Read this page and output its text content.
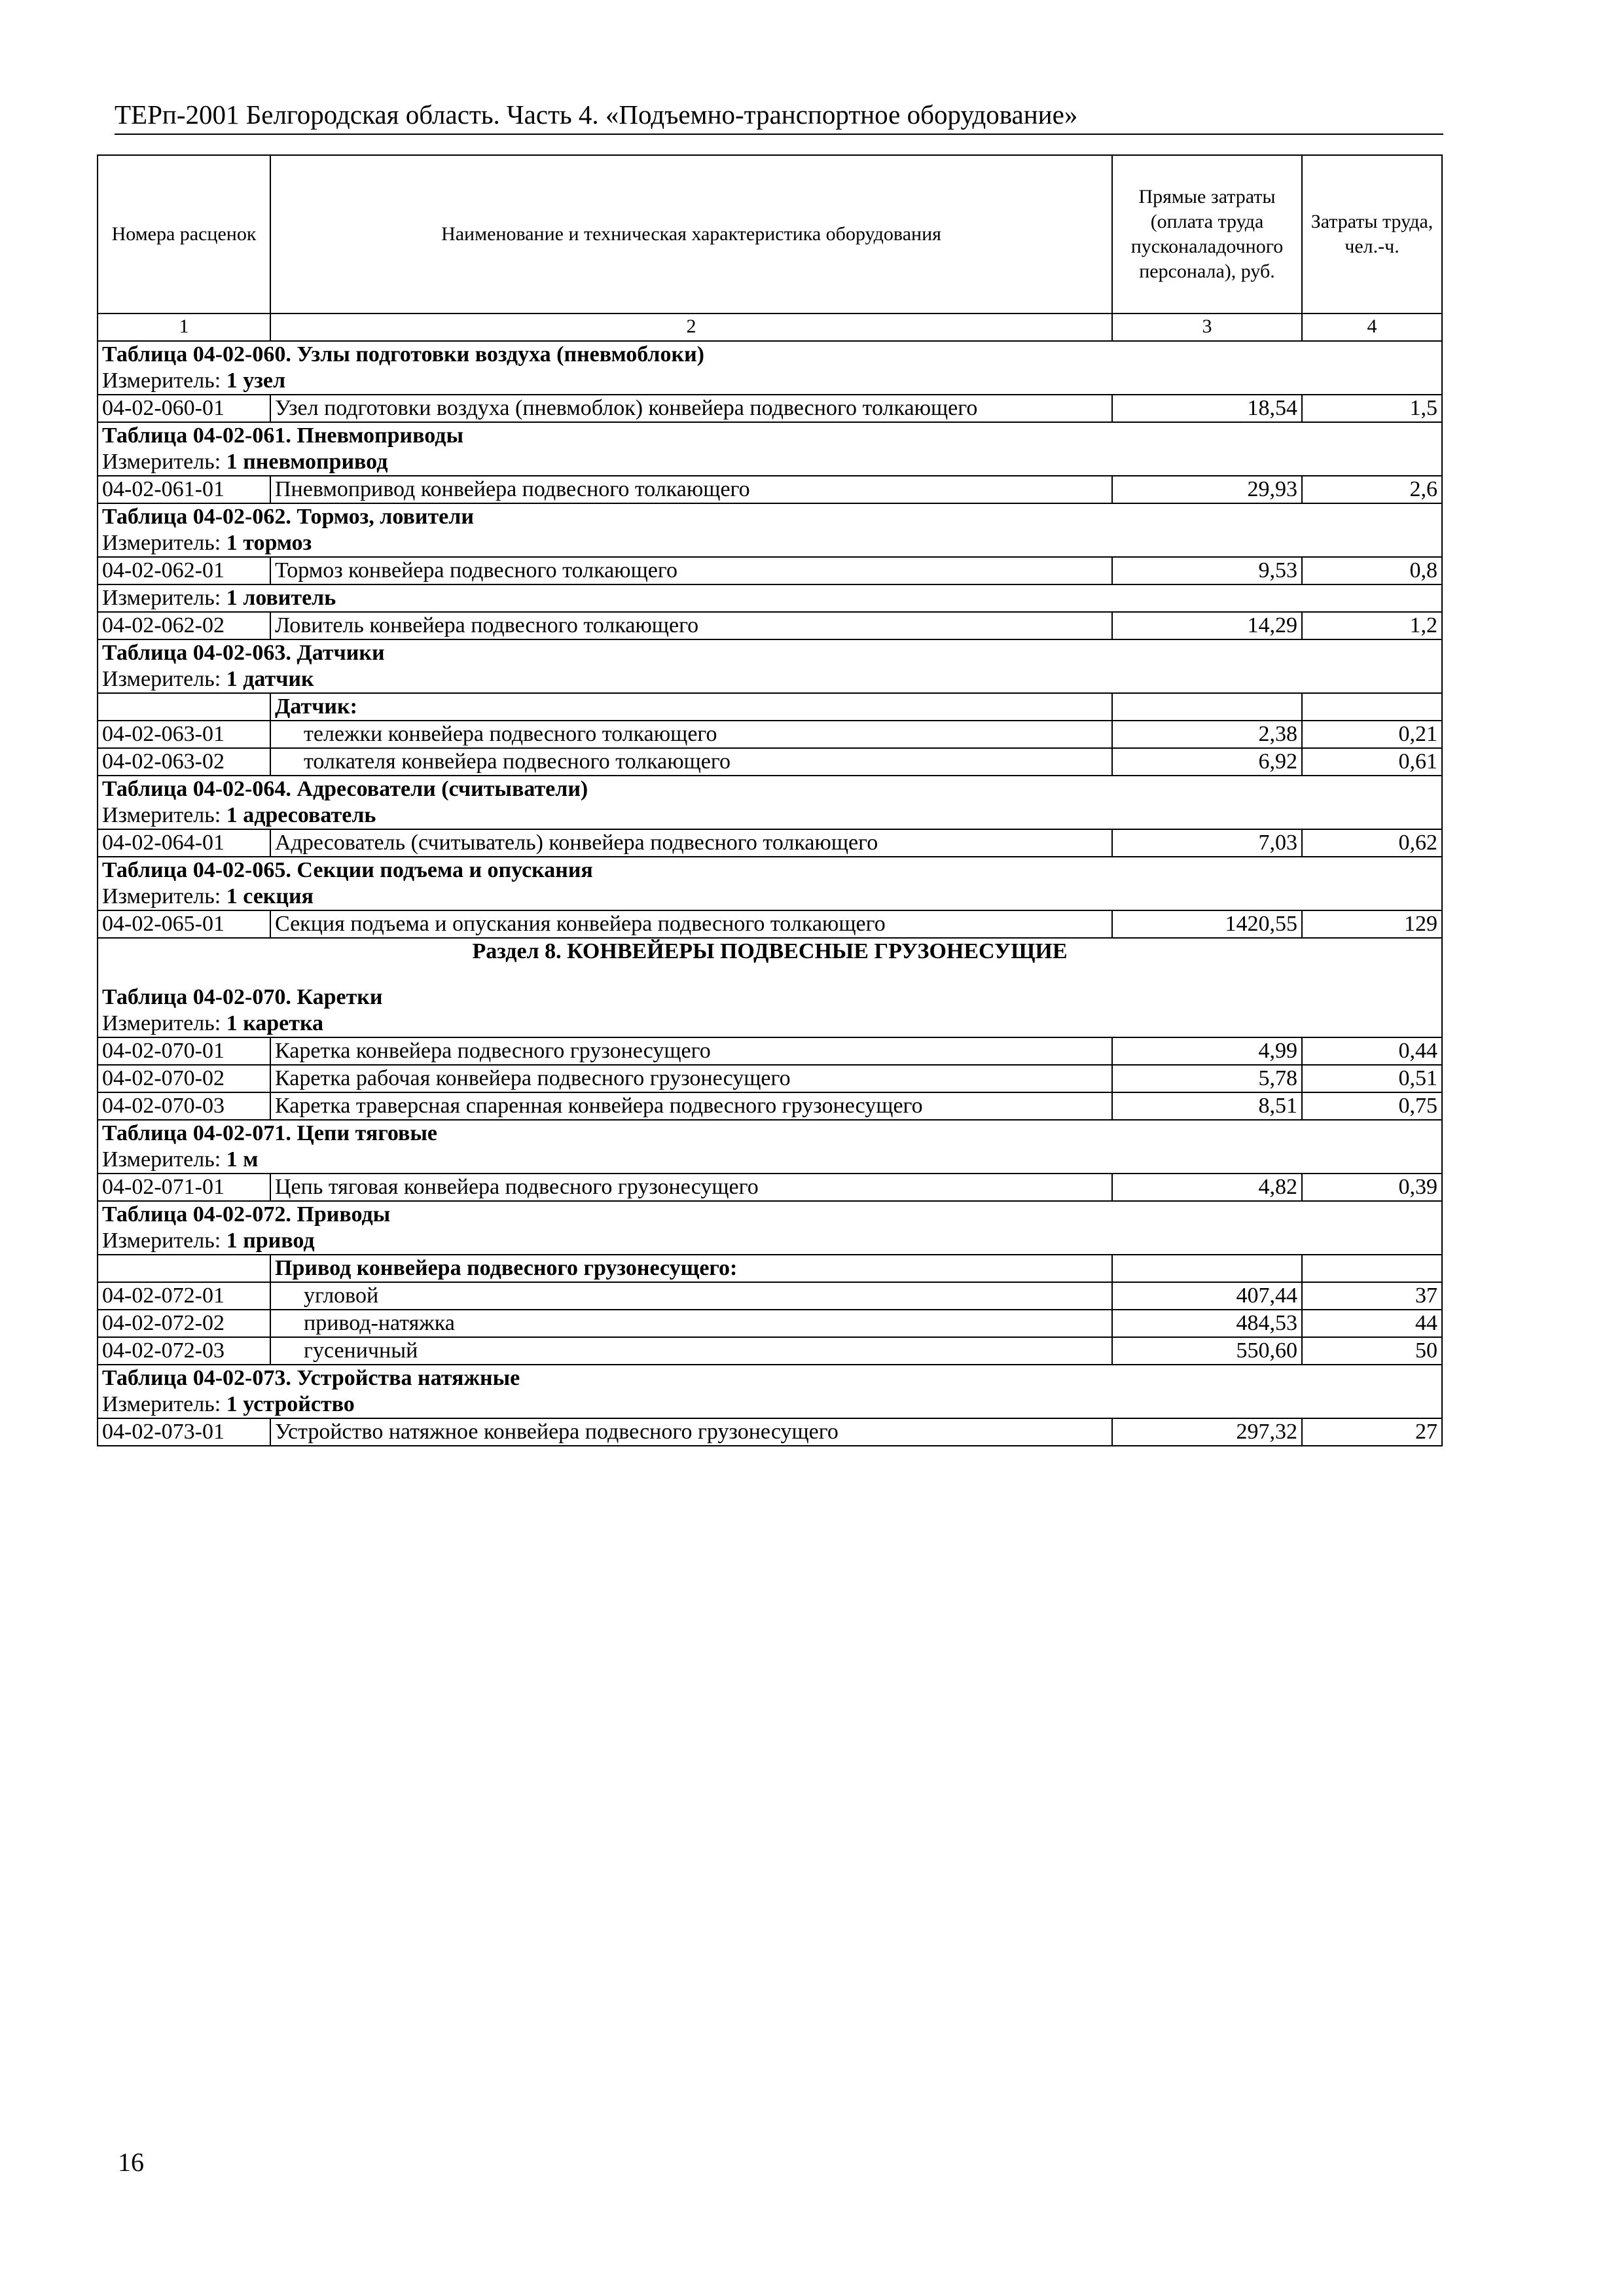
ТЕРп-2001 Белгородская область. Часть 4. «Подъемно-транспортное оборудование»
Номера расценок	Наименование и техническая характеристика оборудования	Прямые затраты (оплата труда пусконаладочного персонала), руб.	Затраты труда, чел.-ч.
1	2	3	4
Таблица 04-02-060. Узлы подготовки воздуха (пневмоблоки)			
Измеритель: 1 узел			
04-02-060-01	Узел подготовки воздуха (пневмоблок) конвейера подвесного толкающего	18,54	1,5
Таблица 04-02-061. Пневмоприводы			
Измеритель: 1 пневмопривод			
04-02-061-01	Пневмопривод конвейера подвесного толкающего	29,93	2,6
Таблица 04-02-062. Тормоз, ловители			
Измеритель: 1 тормоз			
04-02-062-01	Тормоз конвейера подвесного толкающего	9,53	0,8
Измеритель: 1 ловитель			
04-02-062-02	Ловитель конвейера подвесного толкающего	14,29	1,2
Таблица 04-02-063. Датчики			
Измеритель: 1 датчик			
	Датчик:		
04-02-063-01	тележки конвейера подвесного толкающего	2,38	0,21
04-02-063-02	толкателя конвейера подвесного толкающего	6,92	0,61
Таблица 04-02-064. Адресователи (считыватели)			
Измеритель: 1 адресователь			
04-02-064-01	Адресователь (считыватель) конвейера подвесного толкающего	7,03	0,62
Таблица 04-02-065. Секции подъема и опускания			
Измеритель: 1 секция			
04-02-065-01	Секция подъема и опускания конвейера подвесного толкающего	1420,55	129
Раздел 8. КОНВЕЙЕРЫ ПОДВЕСНЫЕ ГРУЗОНЕСУЩИЕ			
Таблица 04-02-070. Каретки			
Измеритель: 1 каретка			
04-02-070-01	Каретка конвейера подвесного грузонесущего	4,99	0,44
04-02-070-02	Каретка рабочая конвейера подвесного грузонесущего	5,78	0,51
04-02-070-03	Каретка траверсная спаренная конвейера подвесного грузонесущего	8,51	0,75
Таблица 04-02-071. Цепи тяговые			
Измеритель: 1 м			
04-02-071-01	Цепь тяговая конвейера подвесного грузонесущего	4,82	0,39
Таблица 04-02-072. Приводы			
Измеритель: 1 привод			
	Привод конвейера подвесного грузонесущего:		
04-02-072-01	угловой	407,44	37
04-02-072-02	привод-натяжка	484,53	44
04-02-072-03	гусеничный	550,60	50
Таблица 04-02-073. Устройства натяжные			
Измеритель: 1 устройство			
04-02-073-01	Устройство натяжное конвейера подвесного грузонесущего	297,32	27
16
